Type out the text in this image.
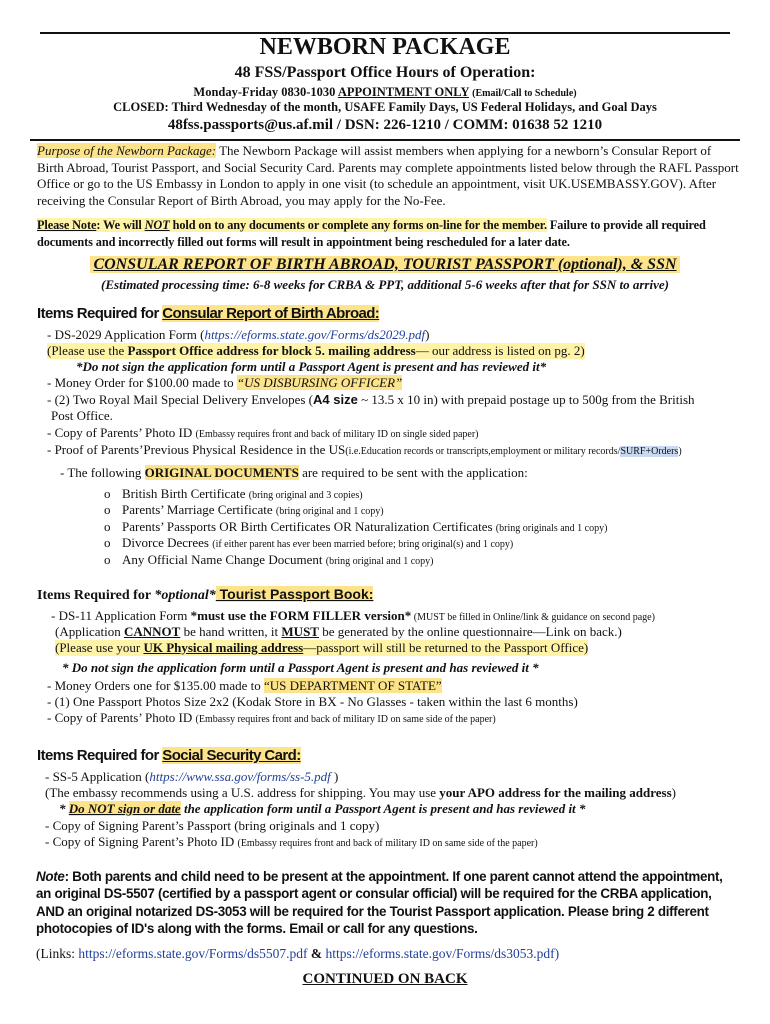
NEWBORN PACKAGE
48 FSS/Passport Office Hours of Operation:
Monday-Friday 0830-1030 APPOINTMENT ONLY (Email/Call to Schedule)
CLOSED: Third Wednesday of the month, USAFE Family Days, US Federal Holidays, and Goal Days
48fss.passports@us.af.mil / DSN: 226-1210 / COMM: 01638 52 1210
Purpose of the Newborn Package: The Newborn Package will assist members when applying for a newborn’s Consular Report of Birth Abroad, Tourist Passport, and Social Security Card. Parents may complete appointments listed below through the RAFL Passport Office or go to the US Embassy in London to apply in one visit (to schedule an appointment, visit UK.USEMBASSY.GOV). After receiving the Consular Report of Birth Abroad, you may apply for the No-Fee.
Please Note: We will NOT hold on to any documents or complete any forms on-line for the member. Failure to provide all required documents and incorrectly filled out forms will result in appointment being rescheduled for a later date.
CONSULAR REPORT OF BIRTH ABROAD, TOURIST PASSPORT (optional), & SSN
(Estimated processing time: 6-8 weeks for CRBA & PPT, additional 5-6 weeks after that for SSN to arrive)
Items Required for Consular Report of Birth Abroad:
- DS-2029 Application Form (https://eforms.state.gov/Forms/ds2029.pdf)
(Please use the Passport Office address for block 5. mailing address— our address is listed on pg. 2)
*Do not sign the application form until a Passport Agent is present and has reviewed it*
- Money Order for $100.00 made to “US DISBURSING OFFICER”
- (2) Two Royal Mail Special Delivery Envelopes (A4 size ~ 13.5 x 10 in) with prepaid postage up to 500g from the British
Post Office.
- Copy of Parents’ Photo ID (Embassy requires front and back of military ID on single sided paper)
- Proof of Parents’Previous Physical Residence in the US(i.e.Education records or transcripts,employment or military records/SURF+Orders)
- The following ORIGINAL DOCUMENTS are required to be sent with the application:
o British Birth Certificate (bring original and 3 copies)
o Parents’ Marriage Certificate (bring original and 1 copy)
o Parents’ Passports OR Birth Certificates OR Naturalization Certificates (bring originals and 1 copy)
o Divorce Decrees (if either parent has ever been married before; bring original(s) and 1 copy)
o Any Official Name Change Document (bring original and 1 copy)
Items Required for *optional* Tourist Passport Book:
- DS-11 Application Form *must use the FORM FILLER version* (MUST be filled in Online/link & guidance on second page)
(Application CANNOT be hand written, it MUST be generated by the online questionnaire—Link on back.)
(Please use your UK Physical mailing address—passport will still be returned to the Passport Office)
* Do not sign the application form until a Passport Agent is present and has reviewed it *
- Money Orders one for $135.00 made to “US DEPARTMENT OF STATE”
- (1) One Passport Photos Size 2x2 (Kodak Store in BX - No Glasses - taken within the last 6 months)
- Copy of Parents’ Photo ID (Embassy requires front and back of military ID on same side of the paper)
Items Required for Social Security Card:
- SS-5 Application (https://www.ssa.gov/forms/ss-5.pdf )
(The embassy recommends using a U.S. address for shipping. You may use your APO address for the mailing address)
* Do NOT sign or date the application form until a Passport Agent is present and has reviewed it *
- Copy of Signing Parent’s Passport (bring originals and 1 copy)
- Copy of Signing Parent’s Photo ID (Embassy requires front and back of military ID on same side of the paper)
Note: Both parents and child need to be present at the appointment. If one parent cannot attend the appointment, an original DS-5507 (certified by a passport agent or consular official) will be required for the CRBA application, AND an original notarized DS-3053 will be required for the Tourist Passport application. Please bring 2 different photocopies of ID's along with the forms. Email or call for any questions.
(Links: https://eforms.state.gov/Forms/ds5507.pdf & https://eforms.state.gov/Forms/ds3053.pdf)
CONTINUED ON BACK
